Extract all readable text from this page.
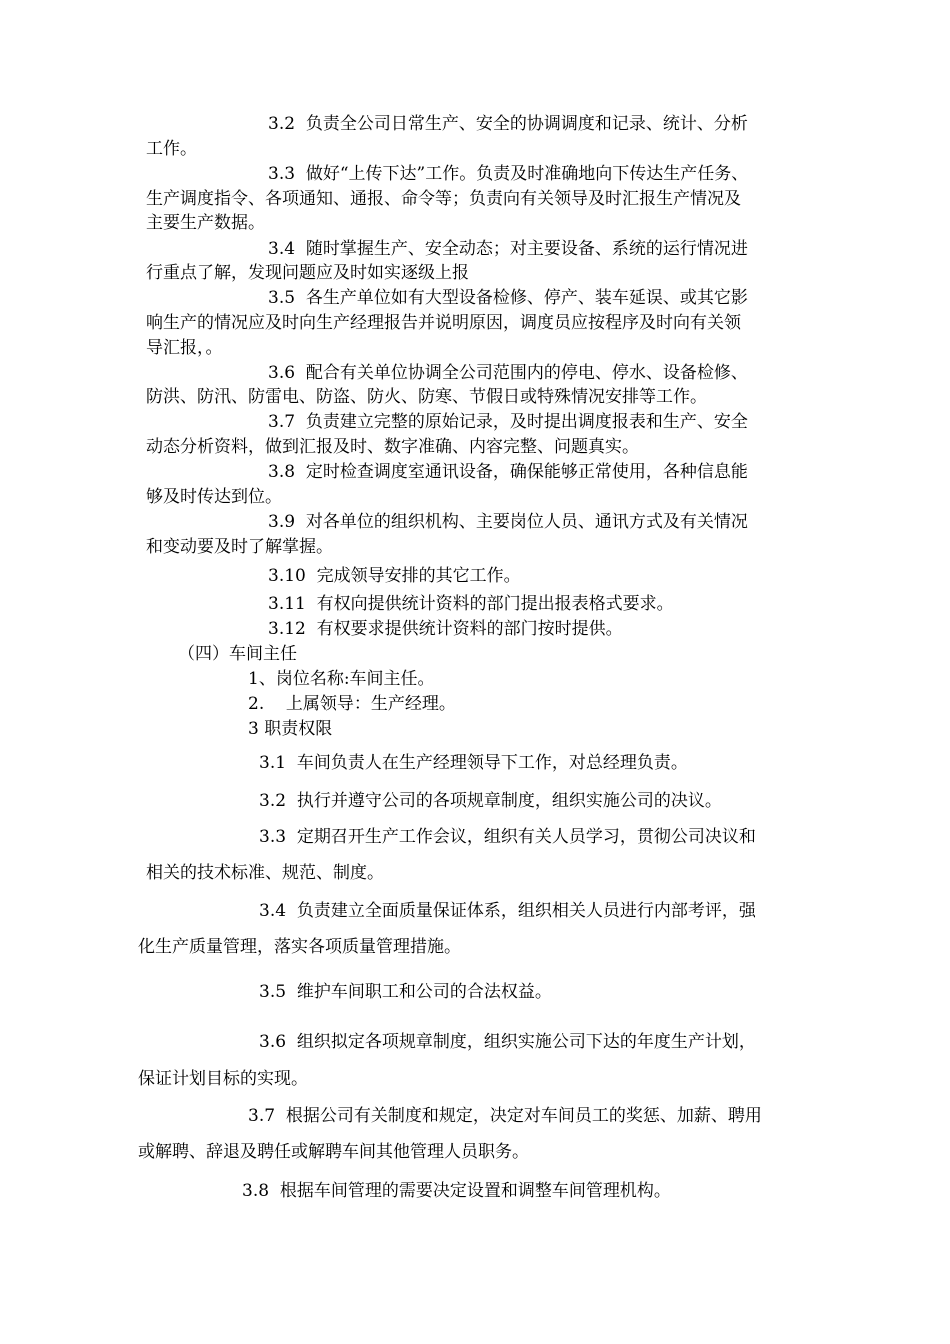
3.2 负责全公司日常生产、安全的协调调度和记录、统计、分析
工作。
3.3 做好“上传下达”工作。负责及时准确地向下传达生产任务、
生产调度指令、各项通知、通报、命令等；负责向有关领导及时汇报生产情况及
主要生产数据。
3.4 随时掌握生产、安全动态；对主要设备、系统的运行情况进
行重点了解，发现问题应及时如实逐级上报
3.5 各生产单位如有大型设备检修、停产、装车延误、或其它影
响生产的情况应及时向生产经理报告并说明原因，调度员应按程序及时向有关领
导汇报，。
3.6 配合有关单位协调全公司范围内的停电、停水、设备检修、
防洪、防汛、防雷电、防盗、防火、防寒、节假日或特殊情况安排等工作。
3.7 负责建立完整的原始记录，及时提出调度报表和生产、安全
动态分析资料，做到汇报及时、数字准确、内容完整、问题真实。
3.8 定时检查调度室通讯设备，确保能够正常使用，各种信息能
够及时传达到位。
3.9 对各单位的组织机构、主要岗位人员、通讯方式及有关情况
和变动要及时了解掌握。
3.10 完成领导安排的其它工作。
3.11 有权向提供统计资料的部门提出报表格式要求。
3.12 有权要求提供统计资料的部门按时提供。
（四）车间主任
1、岗位名称:车间主任。
2. 上属领导：生产经理。
3 职责权限
3.1 车间负责人在生产经理领导下工作，对总经理负责。
3.2 执行并遵守公司的各项规章制度，组织实施公司的决议。
3.3 定期召开生产工作会议，组织有关人员学习，贯彻公司决议和
相关的技术标准、规范、制度。
3.4 负责建立全面质量保证体系，组织相关人员进行内部考评，强
化生产质量管理，落实各项质量管理措施。
3.5 维护车间职工和公司的合法权益。
3.6 组织拟定各项规章制度，组织实施公司下达的年度生产计划，
保证计划目标的实现。
3.7 根据公司有关制度和规定，决定对车间员工的奖惩、加薪、聘用
或解聘、辞退及聘任或解聘车间其他管理人员职务。
3.8 根据车间管理的需要决定设置和调整车间管理机构。
